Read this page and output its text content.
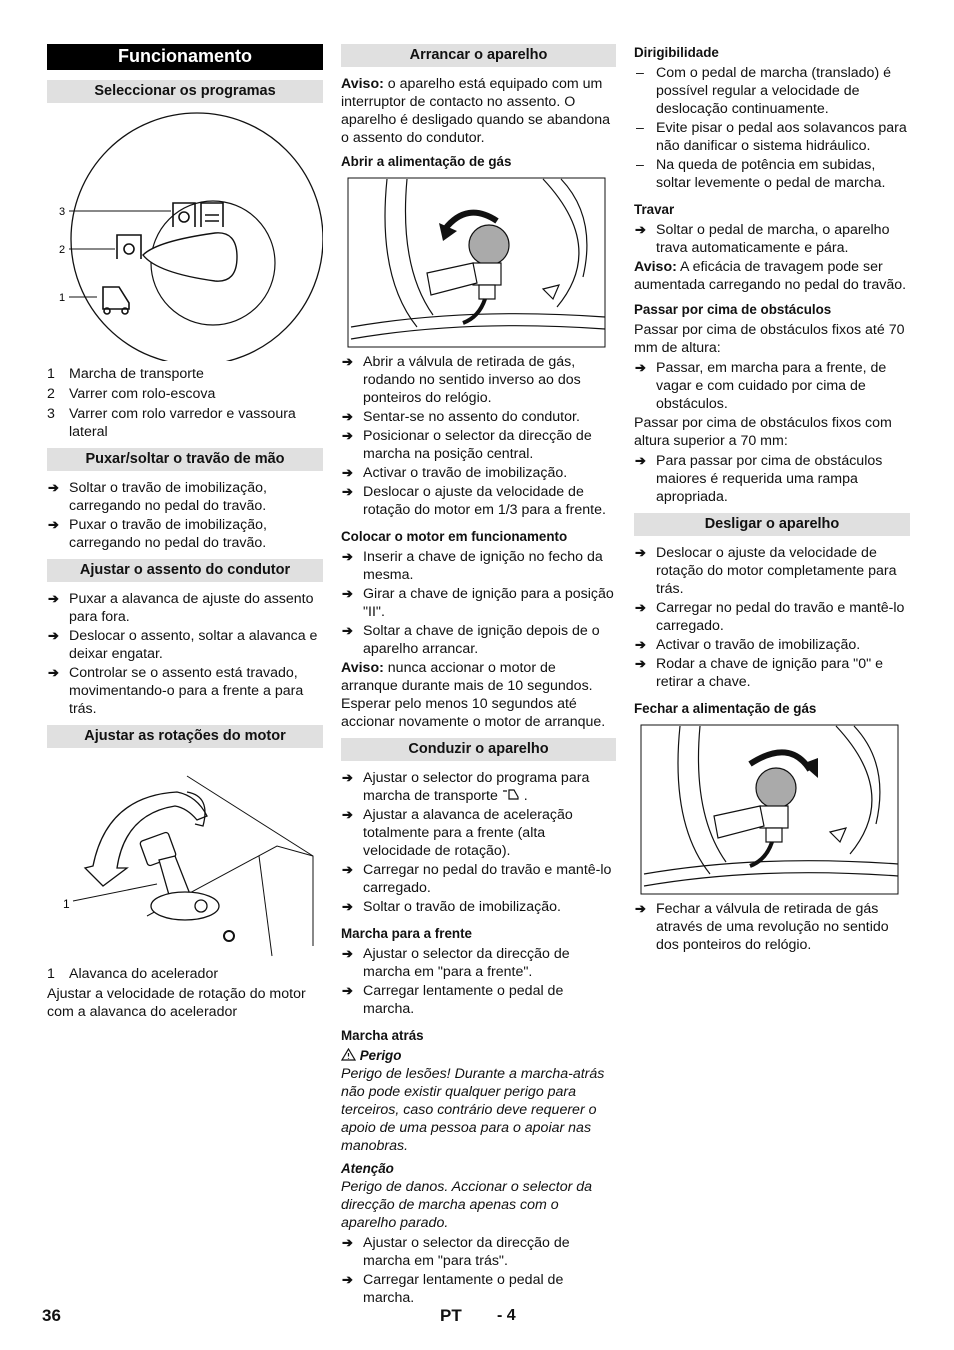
Funcionamento
Seleccionar os programas
3
2
1
1 Marcha de transporte
2 Varrer com rolo-escova
3 Varrer com rolo varredor e vassoura lateral
Puxar/soltar o travão de mão
➔ Soltar o travão de imobilização, carregando no pedal do travão.
➔ Puxar o travão de imobilização, carregando no pedal do travão.
Ajustar o assento do condutor
➔ Puxar a alavanca de ajuste do assento para fora.
➔ Deslocar o assento, soltar a alavanca e deixar engatar.
➔ Controlar se o assento está travado, movimentando-o para a frente a para trás.
Ajustar as rotações do motor
1
1 Alavanca do acelerador

Ajustar a velocidade de rotação do motor com a alavanca do acelerador

Arrancar o aparelho

Aviso: o aparelho está equipado com um interruptor de contacto no assento. O aparelho é desligado quando se abandona o assento do condutor.

Abrir a alimentação de gás
➔ Abrir a válvula de retirada de gás, rodando no sentido inverso ao dos ponteiros do relógio.
➔ Sentar-se no assento do condutor.
➔ Posicionar o selector da direcção de marcha na posição central.
➔ Activar o travão de imobilização.
➔ Deslocar o ajuste da velocidade de rotação do motor em 1/3 para a frente.
Colocar o motor em funcionamento
➔ Inserir a chave de ignição no fecho da mesma.
➔ Girar a chave de ignição para a posição "II".
➔ Soltar a chave de ignição depois de o aparelho arrancar.

Aviso: nunca accionar o motor de arranque durante mais de 10 segundos. Esperar pelo menos 10 segundos até accionar novamente o motor de arranque.

Conduzir o aparelho
➔ Ajustar o selector do programa para marcha de transporte  .
➔ Ajustar a alavanca de aceleração totalmente para a frente (alta velocidade de rotação).
➔ Carregar no pedal do travão e mantê-lo carregado.
➔ Soltar o travão de imobilização.
Marcha para a frente
➔ Ajustar o selector da direcção de marcha em "para a frente".
➔ Carregar lentamente o pedal de marcha.
Marcha atrás
Perigo

Perigo de lesões! Durante a marcha-atrás não pode existir qualquer perigo para terceiros, caso contrário deve requerer o apoio de uma pessoa para o apoiar nas manobras.

Atenção

Perigo de danos. Accionar o selector da direcção de marcha apenas com o aparelho parado.

➔ Ajustar o selector da direcção de marcha em "para trás".
➔ Carregar lentamente o pedal de marcha.
Dirigibilidade
– Com o pedal de marcha (translado) é possível regular a velocidade de deslocação continuamente.
– Evite pisar o pedal aos solavancos para não danificar o sistema hidráulico.
– Na queda de potência em subidas, soltar levemente o pedal de marcha.
Travar
➔ Soltar o pedal de marcha, o aparelho trava automaticamente e pára.

Aviso: A eficácia de travagem pode ser aumentada carregando no pedal do travão.

Passar por cima de obstáculos

Passar por cima de obstáculos fixos até 70 mm de altura:

➔ Passar, em marcha para a frente, de vagar e com cuidado por cima de obstáculos.

Passar por cima de obstáculos fixos com altura superior a 70 mm:

➔ Para passar por cima de obstáculos maiores é requerida uma rampa apropriada.
Desligar o aparelho
➔ Deslocar o ajuste da velocidade de rotação do motor completamente para trás.
➔ Carregar no pedal do travão e mantê-lo carregado.
➔ Activar o travão de imobilização.
➔ Rodar a chave de ignição para "0" e retirar a chave.
Fechar a alimentação de gás
➔ Fechar a válvula de retirada de gás através de uma revolução no sentido dos ponteiros do relógio.
36	PT - 4
